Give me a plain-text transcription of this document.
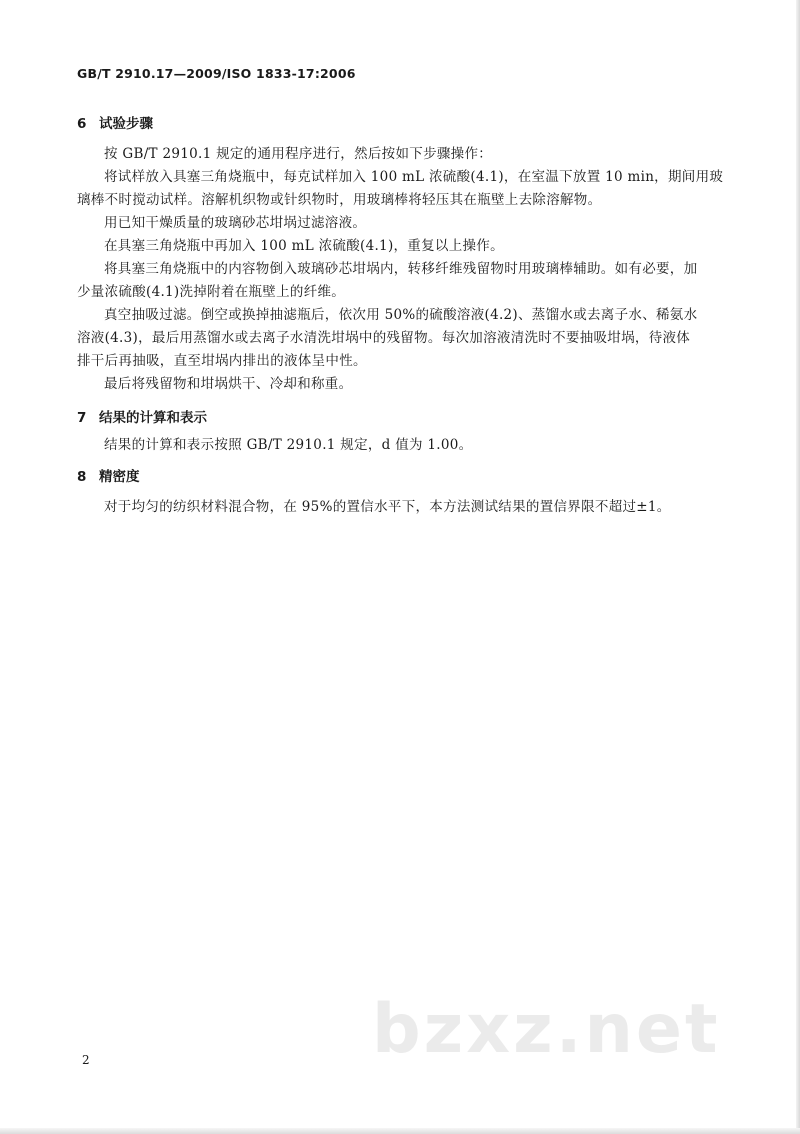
GB/T 2910.17—2009/ISO 1833-17:2006
6 试验步骤
按 GB/T 2910.1 规定的通用程序进行，然后按如下步骤操作：
将试样放入具塞三角烧瓶中，每克试样加入 100 mL 浓硫酸(4.1)，在室温下放置 10 min，期间用玻
璃棒不时搅动试样。溶解机织物或针织物时，用玻璃棒将轻压其在瓶壁上去除溶解物。
用已知干燥质量的玻璃砂芯坩埚过滤溶液。
在具塞三角烧瓶中再加入 100 mL 浓硫酸(4.1)，重复以上操作。
将具塞三角烧瓶中的内容物倒入玻璃砂芯坩埚内，转移纤维残留物时用玻璃棒辅助。如有必要，加
少量浓硫酸(4.1)洗掉附着在瓶壁上的纤维。
真空抽吸过滤。倒空或换掉抽滤瓶后，依次用 50%的硫酸溶液(4.2)、蒸馏水或去离子水、稀氨水
溶液(4.3)，最后用蒸馏水或去离子水清洗坩埚中的残留物。每次加溶液清洗时不要抽吸坩埚，待液体
排干后再抽吸，直至坩埚内排出的液体呈中性。
最后将残留物和坩埚烘干、冷却和称重。
7 结果的计算和表示
结果的计算和表示按照 GB/T 2910.1 规定，d 值为 1.00。
8 精密度
对于均匀的纺织材料混合物，在 95%的置信水平下，本方法测试结果的置信界限不超过±1。
bzxz.net
2
